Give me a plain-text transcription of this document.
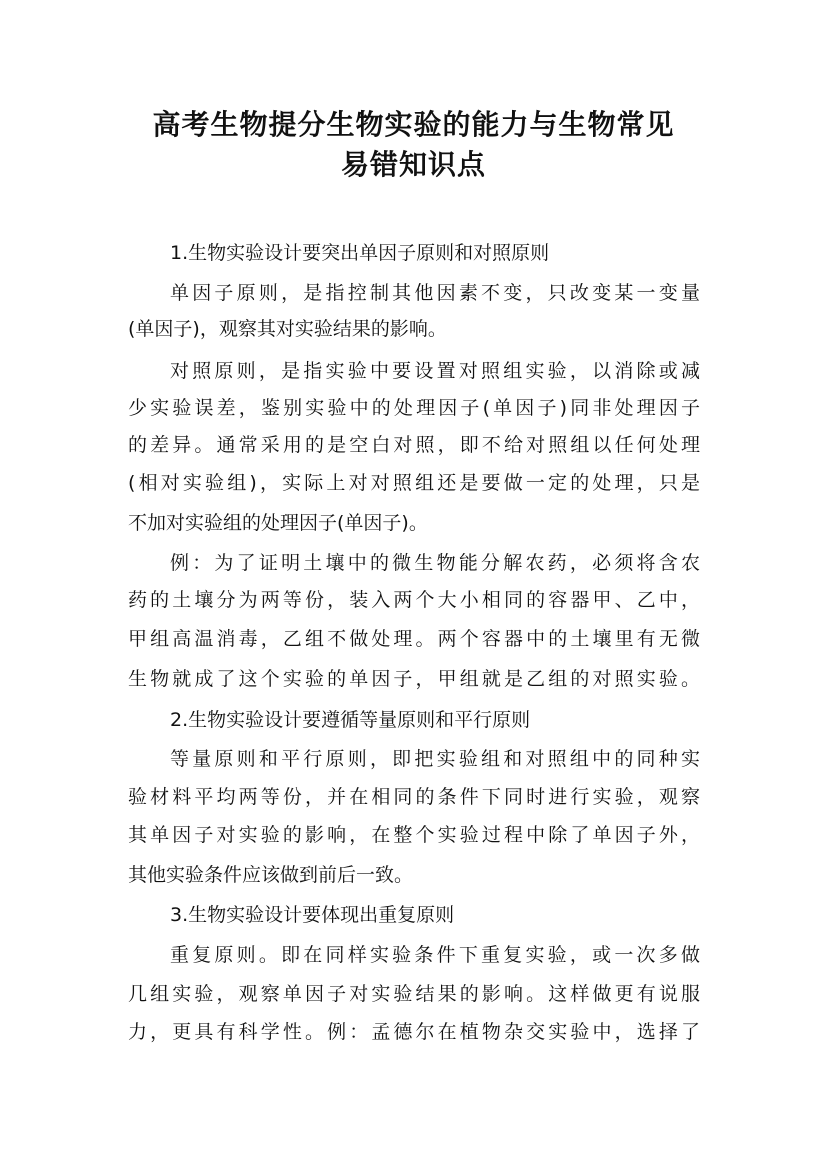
高考生物提分生物实验的能力与生物常见
易错知识点
1.生物实验设计要突出单因子原则和对照原则
单因子原则，是指控制其他因素不变，只改变某一变量
(单因子)，观察其对实验结果的影响。
对照原则，是指实验中要设置对照组实验，以消除或减
少实验误差，鉴别实验中的处理因子(单因子)同非处理因子
的差异。通常采用的是空白对照，即不给对照组以任何处理
(相对实验组)，实际上对对照组还是要做一定的处理，只是
不加对实验组的处理因子(单因子)。
例：为了证明土壤中的微生物能分解农药，必须将含农
药的土壤分为两等份，装入两个大小相同的容器甲、乙中，
甲组高温消毒，乙组不做处理。两个容器中的土壤里有无微
生物就成了这个实验的单因子，甲组就是乙组的对照实验。
2.生物实验设计要遵循等量原则和平行原则
等量原则和平行原则，即把实验组和对照组中的同种实
验材料平均两等份，并在相同的条件下同时进行实验，观察
其单因子对实验的影响，在整个实验过程中除了单因子外，
其他实验条件应该做到前后一致。
3.生物实验设计要体现出重复原则
重复原则。即在同样实验条件下重复实验，或一次多做
几组实验，观察单因子对实验结果的影响。这样做更有说服
力，更具有科学性。例：孟德尔在植物杂交实验中，选择了
